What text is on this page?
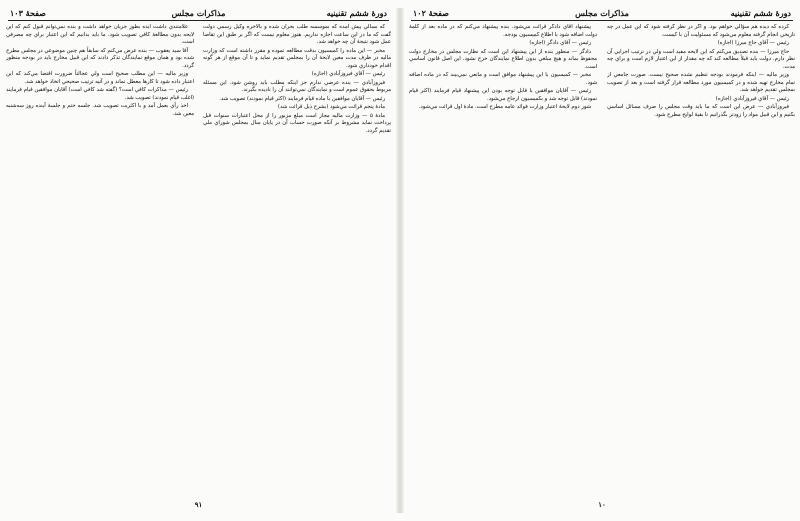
دورهٔ ششم تقنینیه
مذاکرات مجلس
صفحهٔ ۱۰۳

كه بسالي پيش آمده كه بموسسه طلب بحران شده و بالاخره وكيل رسمي دولت گفت كه ما در اين ساعت اجازه نداريم. هنوز معلوم نيست كه اگر بر طبق اين تقاضا عمل شود نتيجهٔ آن چه خواهد شد.

مخبر — اين ماده را كميسيون بدقت مطالعه نموده و مقرر داشته است كه وزارت ماليه در ظرف مدت معين لايحهٔ آن را بمجلس تقديم نمايد و تا آن موقع از هر گونه اقدام خودداري شود.

رئيس — آقاي فيروزآبادي (اجازه)

فيروزآبادي — بنده عرضي ندارم جز اينكه مطلب بايد روشن شود. اين مسئله مربوط بحقوق عموم است و نمايندگان نمي‌توانند آن را ناديده بگيرند.

رئيس — آقايان موافقين با ماده قيام فرمايند (اكثر قيام نمودند) تصويب شد.

مادهٔ پنجم قرائت مي‌شود (بشرح ذيل قرائت شد)

مادهٔ ۵ — وزارت ماليه مجاز است مبلغ مزبور را از محل اعتبارات سنوات قبل پرداخت نمايد مشروط بر آنكه صورت حساب آن در پايان سال بمجلس شوراي ملي تقديم گردد.

علامتندي داشت ايده بطور جريان خواهد داشت و بنده نمي‌توانم قبول كنم كه اين لايحه بدون مطالعهٔ كافي تصويب شود. ما بايد بدانيم كه اين اعتبار براي چه مصرفي است.

آقا سيد يعقوب — بنده عرض مي‌كنم كه سابقاً هم چنين موضوعي در مجلس مطرح شده بود و همان موقع نمايندگان تذكر دادند كه اين قبيل مخارج بايد در بودجه منظور گردد.

وزير ماليه — اين مطلب صحيح است ولي عجالتاً ضرورت اقتضا مي‌كند كه اين اعتبار داده شود تا كارها معطل نماند و در آتيه ترتيب صحيحي اتخاذ خواهد شد.

رئيس — مذاكرات كافي است؟ (گفته شد كافي است) آقايان موافقين قيام فرمايند (اغلب قيام نمودند) تصويب شد.

اخذ رأي بعمل آمد و با اكثريت تصويب شد. جلسه ختم و جلسهٔ آينده روز سه‌شنبه معين شد.

۹۱
دورهٔ ششم تقنینیه
مذاکرات مجلس
صفحهٔ ۱۰۲

كرده كه ديده هم سؤالي خواهم بود. و اگر در نظر گرفته شود كه اين عمل در چه تاريخي انجام گرفته معلوم مي‌شود كه مسئوليت آن با كيست.

رئيس — آقاي حاج ميرزا (اجازه)

حاج ميرزا — بنده تصديق مي‌كنم كه اين لايحه مفيد است ولي در ترتيب اجرايي آن نظر دارم. دولت بايد قبلاً مطالعه كند كه چه مقدار از اين اعتبار لازم است و براي چه مدت.

وزير ماليه — اينكه فرمودند بودجه تنظيم نشده صحيح نيست. صورت جامعي از تمام مخارج تهيه شده و در كميسيون مورد مطالعه قرار گرفته است و بعد از تصويب بمجلس تقديم خواهد شد.

رئيس — آقاي فيروزآبادي (اجازه)

فيروزآبادي — عرض اين است كه ما بايد وقت مجلس را صرف مسائل اساسي بكنيم و اين قبيل مواد را زودتر بگذرانيم تا بقيهٔ لوايح مطرح شود.

پيشنهاد آقاي دادگر قرائت مي‌شود. بنده پيشنهاد مي‌كنم كه در ماده بعد از كلمهٔ دولت اضافه شود با اطلاع كميسيون بودجه.

رئيس — آقاي دادگر (اجازه)

دادگر — منظور بنده از اين پيشنهاد اين است كه نظارت مجلس در مخارج دولت محفوظ بماند و هيچ مبلغي بدون اطلاع نمايندگان خرج نشود. اين اصل قانون اساسي است.

مخبر — كميسيون با اين پيشنهاد موافق است و مانعي نمي‌بيند كه در ماده اضافه شود.

رئيس — آقايان موافقين با قابل توجه بودن اين پيشنهاد قيام فرمايند (اكثر قيام نمودند) قابل توجه شد و بكميسيون ارجاع مي‌شود.

شور دوم لايحهٔ اعتبار وزارت فوائد عامه مطرح است. مادهٔ اول قرائت مي‌شود.

۱۰
